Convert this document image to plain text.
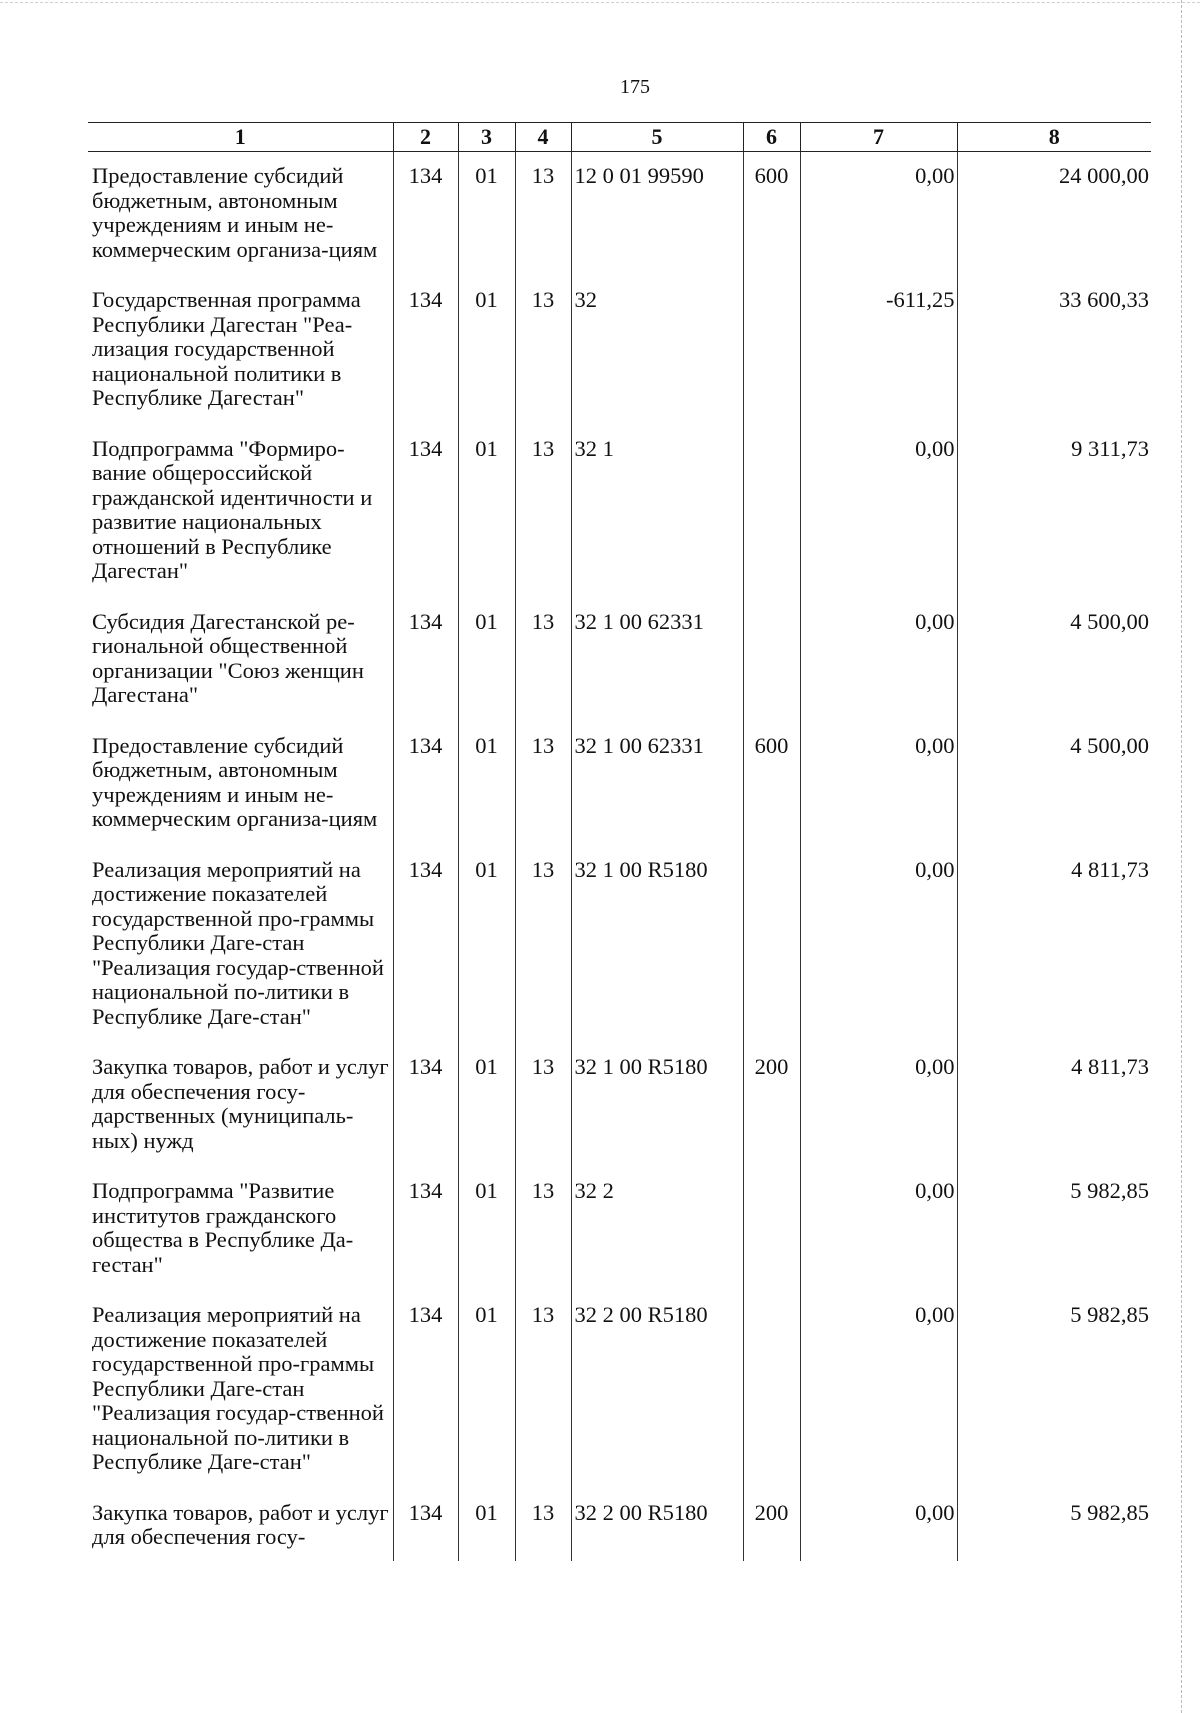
175
1	2	3	4	5	6	7	8
Предоставление субсидий бюджетным, автономным учреждениям и иным не-коммерческим организа-циям	134	01	13	12 0 01 99590	600	0,00	24 000,00
Государственная программа Республики Дагестан "Реа-лизация государственной национальной политики в Республике Дагестан"	134	01	13	32		-611,25	33 600,33
Подпрограмма "Формиро-вание общероссийской гражданской идентичности и развитие национальных отношений в Республике Дагестан"	134	01	13	32 1		0,00	9 311,73
Субсидия Дагестанской ре-гиональной общественной организации "Союз женщин Дагестана"	134	01	13	32 1 00 62331		0,00	4 500,00
Предоставление субсидий бюджетным, автономным учреждениям и иным не-коммерческим организа-циям	134	01	13	32 1 00 62331	600	0,00	4 500,00
Реализация мероприятий на достижение показателей государственной про-граммы Республики Даге-стан "Реализация государ-ственной национальной по-литики в Республике Даге-стан"	134	01	13	32 1 00 R5180		0,00	4 811,73
Закупка товаров, работ и услуг для обеспечения госу-дарственных (муниципаль-ных) нужд	134	01	13	32 1 00 R5180	200	0,00	4 811,73
Подпрограмма "Развитие институтов гражданского общества в Республике Да-гестан"	134	01	13	32 2		0,00	5 982,85
Реализация мероприятий на достижение показателей государственной про-граммы Республики Даге-стан "Реализация государ-ственной национальной по-литики в Республике Даге-стан"	134	01	13	32 2 00 R5180		0,00	5 982,85
Закупка товаров, работ и услуг для обеспечения госу-	134	01	13	32 2 00 R5180	200	0,00	5 982,85
